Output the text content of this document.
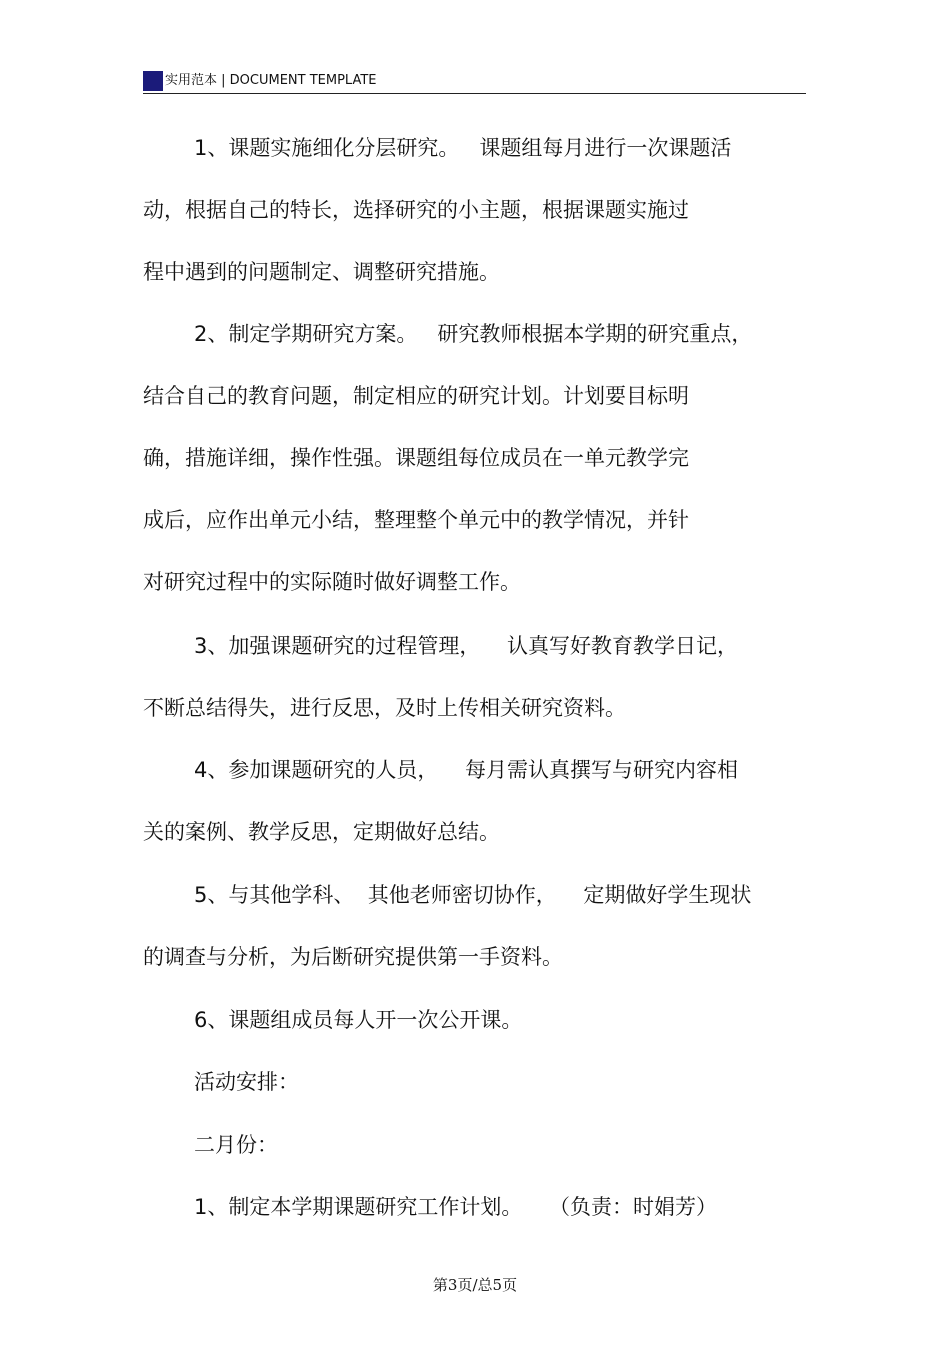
实用范本 | DOCUMENT TEMPLATE
1、课题实施细化分层研究。   课题组每月进行一次课题活
动，根据自己的特长，选择研究的小主题，根据课题实施过
程中遇到的问题制定、调整研究措施。
2、制定学期研究方案。   研究教师根据本学期的研究重点，
结合自己的教育问题，制定相应的研究计划。计划要目标明
确，措施详细，操作性强。课题组每位成员在一单元教学完
成后，应作出单元小结，整理整个单元中的教学情况，并针
对研究过程中的实际随时做好调整工作。
3、加强课题研究的过程管理，    认真写好教育教学日记，
不断总结得失，进行反思，及时上传相关研究资料。
4、参加课题研究的人员，    每月需认真撰写与研究内容相
关的案例、教学反思，定期做好总结。
5、与其他学科、  其他老师密切协作，    定期做好学生现状
的调查与分析，为后断研究提供第一手资料。
6、课题组成员每人开一次公开课。
活动安排：
二月份：
1、制定本学期课题研究工作计划。    （负责：时娟芳）
第3页/总5页
